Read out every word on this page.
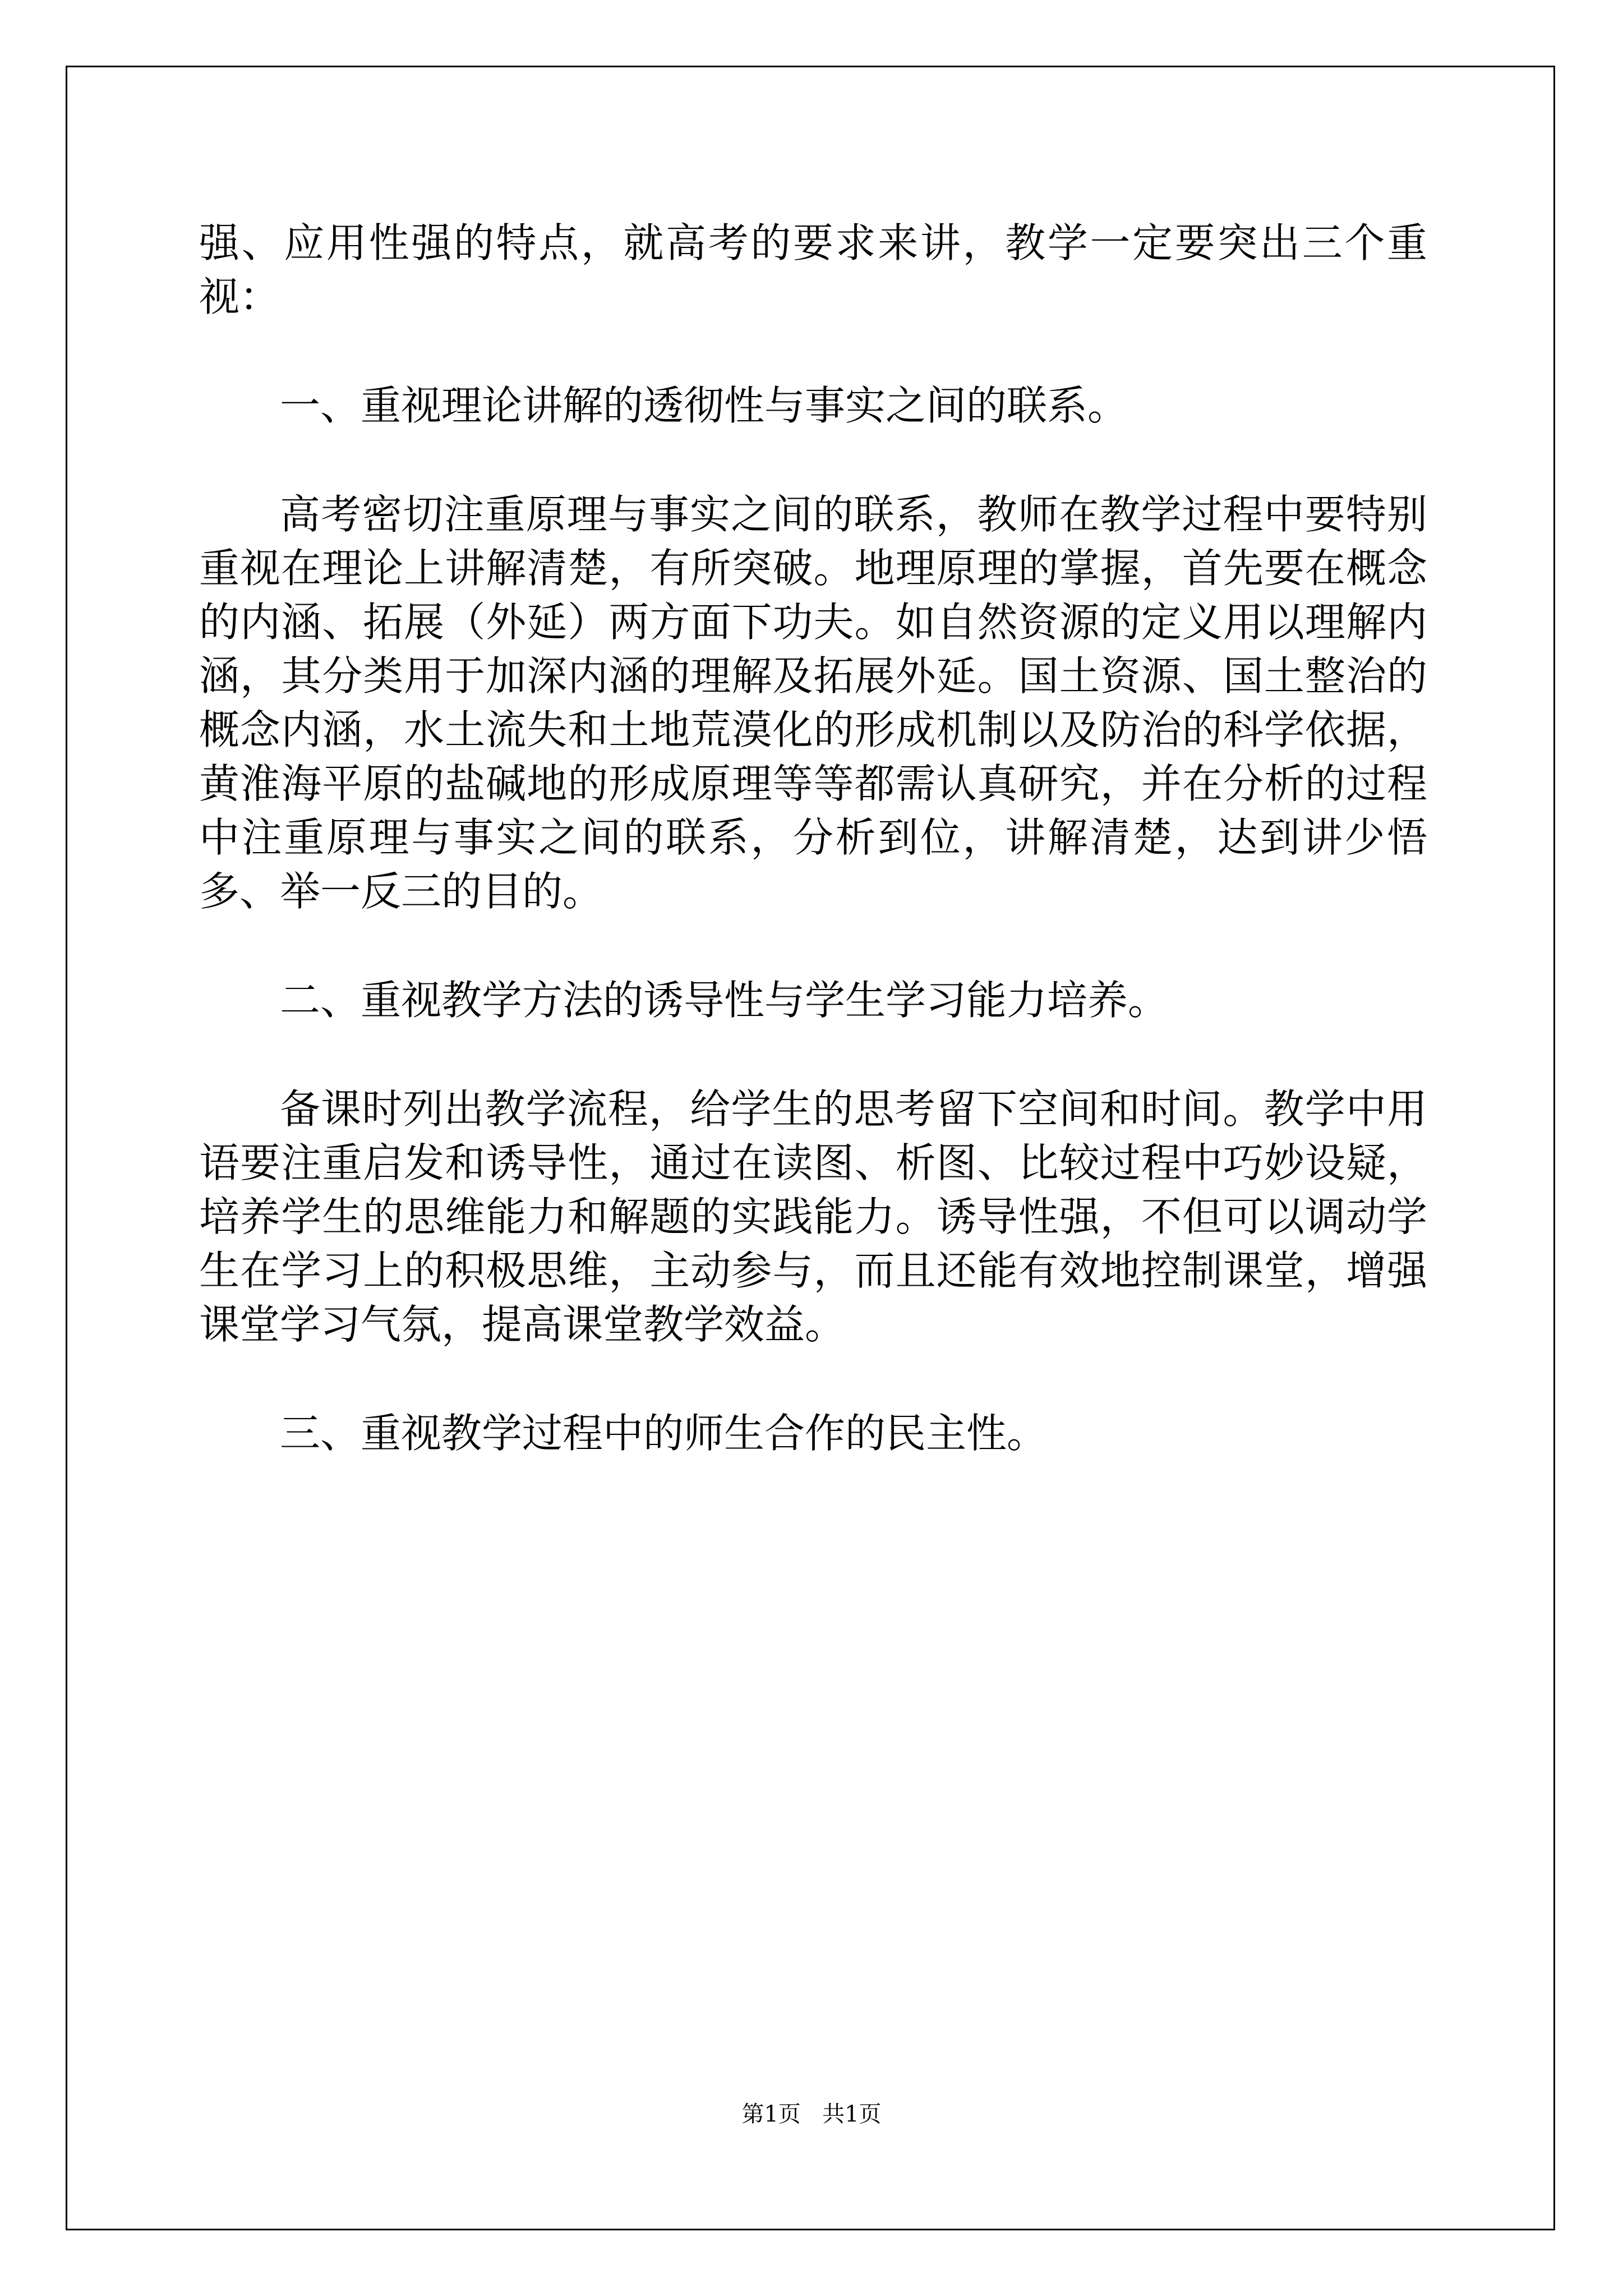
强、应用性强的特点，就高考的要求来讲，教学一定要突出三个重视：

一、重视理论讲解的透彻性与事实之间的联系。

高考密切注重原理与事实之间的联系，教师在教学过程中要特别重视在理论上讲解清楚，有所突破。地理原理的掌握，首先要在概念的内涵、拓展（外延）两方面下功夫。如自然资源的定义用以理解内涵，其分类用于加深内涵的理解及拓展外延。国土资源、国土整治的概念内涵，水土流失和土地荒漠化的形成机制以及防治的科学依据，黄淮海平原的盐碱地的形成原理等等都需认真研究，并在分析的过程中注重原理与事实之间的联系，分析到位，讲解清楚，达到讲少悟多、举一反三的目的。

二、重视教学方法的诱导性与学生学习能力培养。

备课时列出教学流程，给学生的思考留下空间和时间。教学中用语要注重启发和诱导性，通过在读图、析图、比较过程中巧妙设疑，培养学生的思维能力和解题的实践能力。诱导性强，不但可以调动学生在学习上的积极思维，主动参与，而且还能有效地控制课堂，增强课堂学习气氛，提高课堂教学效益。

三、重视教学过程中的师生合作的民主性。

第1页 共1页
